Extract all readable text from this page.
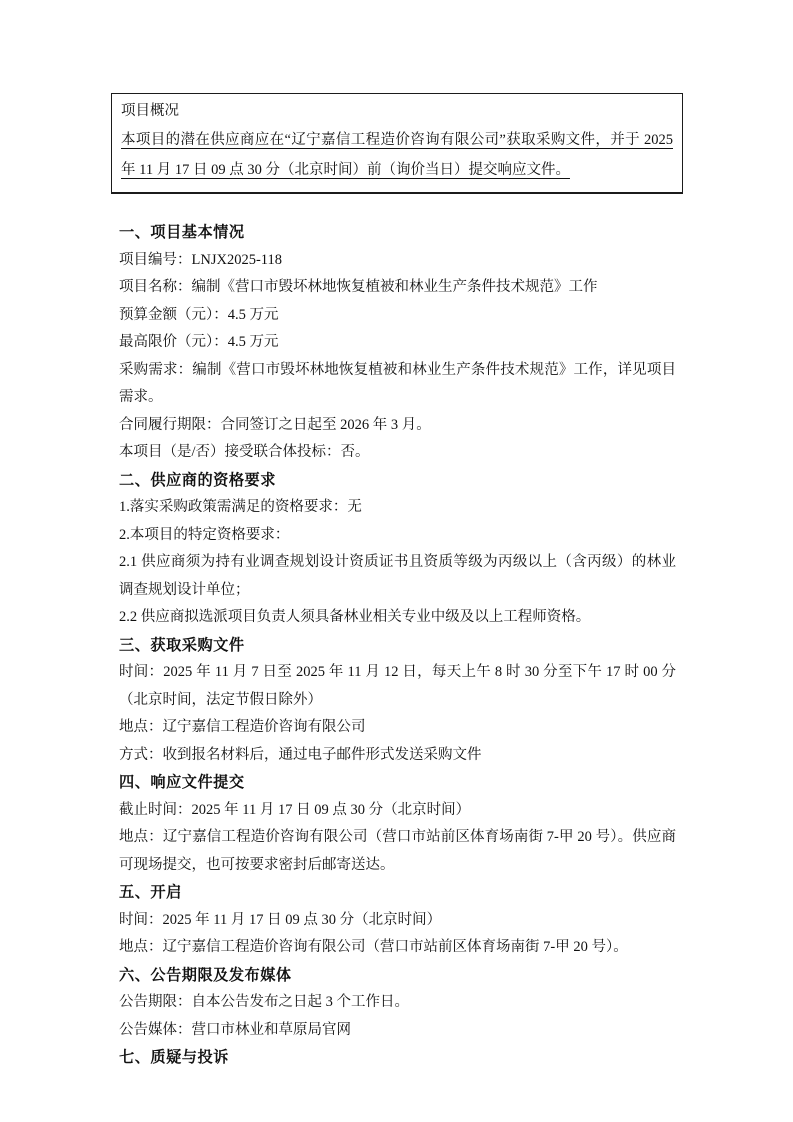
项目概况
本项目的潜在供应商应在“辽宁嘉信工程造价咨询有限公司”获取采购文件，并于 2025 年 11 月 17 日 09 点 30 分（北京时间）前（询价当日）提交响应文件。
一、项目基本情况

项目编号：LNJX2025-118

项目名称：编制《营口市毁坏林地恢复植被和林业生产条件技术规范》工作

预算金额（元）：4.5 万元

最高限价（元）：4.5 万元

采购需求：编制《营口市毁坏林地恢复植被和林业生产条件技术规范》工作，详见项目需求。

合同履行期限：合同签订之日起至 2026 年 3 月。

本项目（是/否）接受联合体投标：否。

二、供应商的资格要求

1.落实采购政策需满足的资格要求：无

2.本项目的特定资格要求：

2.1 供应商须为持有业调查规划设计资质证书且资质等级为丙级以上（含丙级）的林业调查规划设计单位；

2.2 供应商拟选派项目负责人须具备林业相关专业中级及以上工程师资格。

三、获取采购文件

时间：2025 年 11 月 7 日至 2025 年 11 月 12 日，每天上午 8 时 30 分至下午 17 时 00 分（北京时间，法定节假日除外）

地点：辽宁嘉信工程造价咨询有限公司

方式：收到报名材料后，通过电子邮件形式发送采购文件

四、响应文件提交

截止时间：2025 年 11 月 17 日 09 点 30 分（北京时间）

地点：辽宁嘉信工程造价咨询有限公司（营口市站前区体育场南街 7-甲 20 号）。供应商可现场提交，也可按要求密封后邮寄送达。

五、开启

时间：2025 年 11 月 17 日 09 点 30 分（北京时间）

地点：辽宁嘉信工程造价咨询有限公司（营口市站前区体育场南街 7-甲 20 号）。

六、公告期限及发布媒体

公告期限：自本公告发布之日起 3 个工作日。

公告媒体：营口市林业和草原局官网

七、质疑与投诉
